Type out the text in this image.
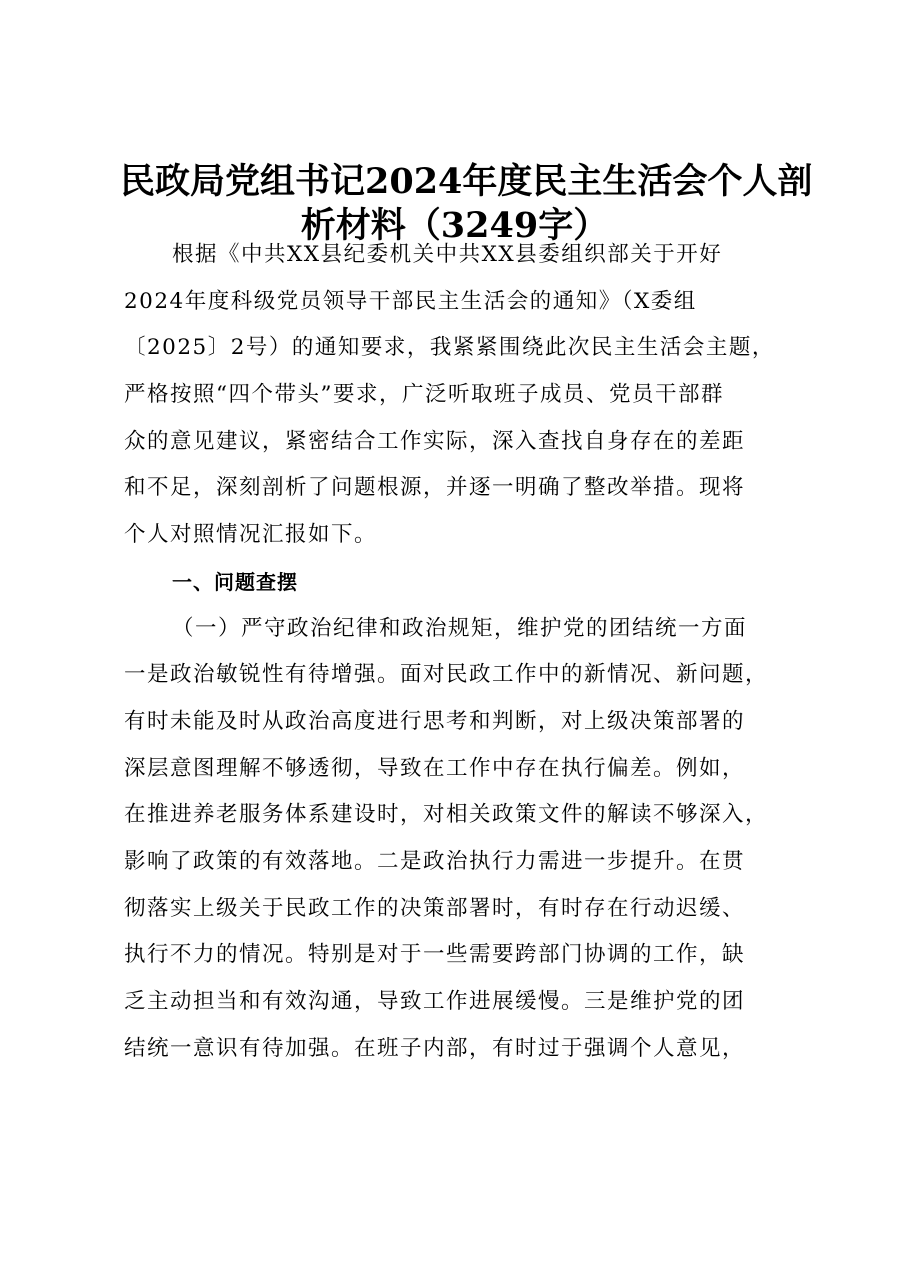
民政局党组书记2024年度民主生活会个人剖
析材料（3249字）
根据《中共XX县纪委机关中共XX县委组织部关于开好
2024年度科级党员领导干部民主生活会的通知》（X委组
〔2025〕2号）的通知要求，我紧紧围绕此次民主生活会主题，
严格按照“四个带头”要求，广泛听取班子成员、党员干部群
众的意见建议，紧密结合工作实际，深入查找自身存在的差距
和不足，深刻剖析了问题根源，并逐一明确了整改举措。现将
个人对照情况汇报如下。
一、问题查摆
（一）严守政治纪律和政治规矩，维护党的团结统一方面
一是政治敏锐性有待增强。面对民政工作中的新情况、新问题，
有时未能及时从政治高度进行思考和判断，对上级决策部署的
深层意图理解不够透彻，导致在工作中存在执行偏差。例如，
在推进养老服务体系建设时，对相关政策文件的解读不够深入，
影响了政策的有效落地。二是政治执行力需进一步提升。在贯
彻落实上级关于民政工作的决策部署时，有时存在行动迟缓、
执行不力的情况。特别是对于一些需要跨部门协调的工作，缺
乏主动担当和有效沟通，导致工作进展缓慢。三是维护党的团
结统一意识有待加强。在班子内部，有时过于强调个人意见，
